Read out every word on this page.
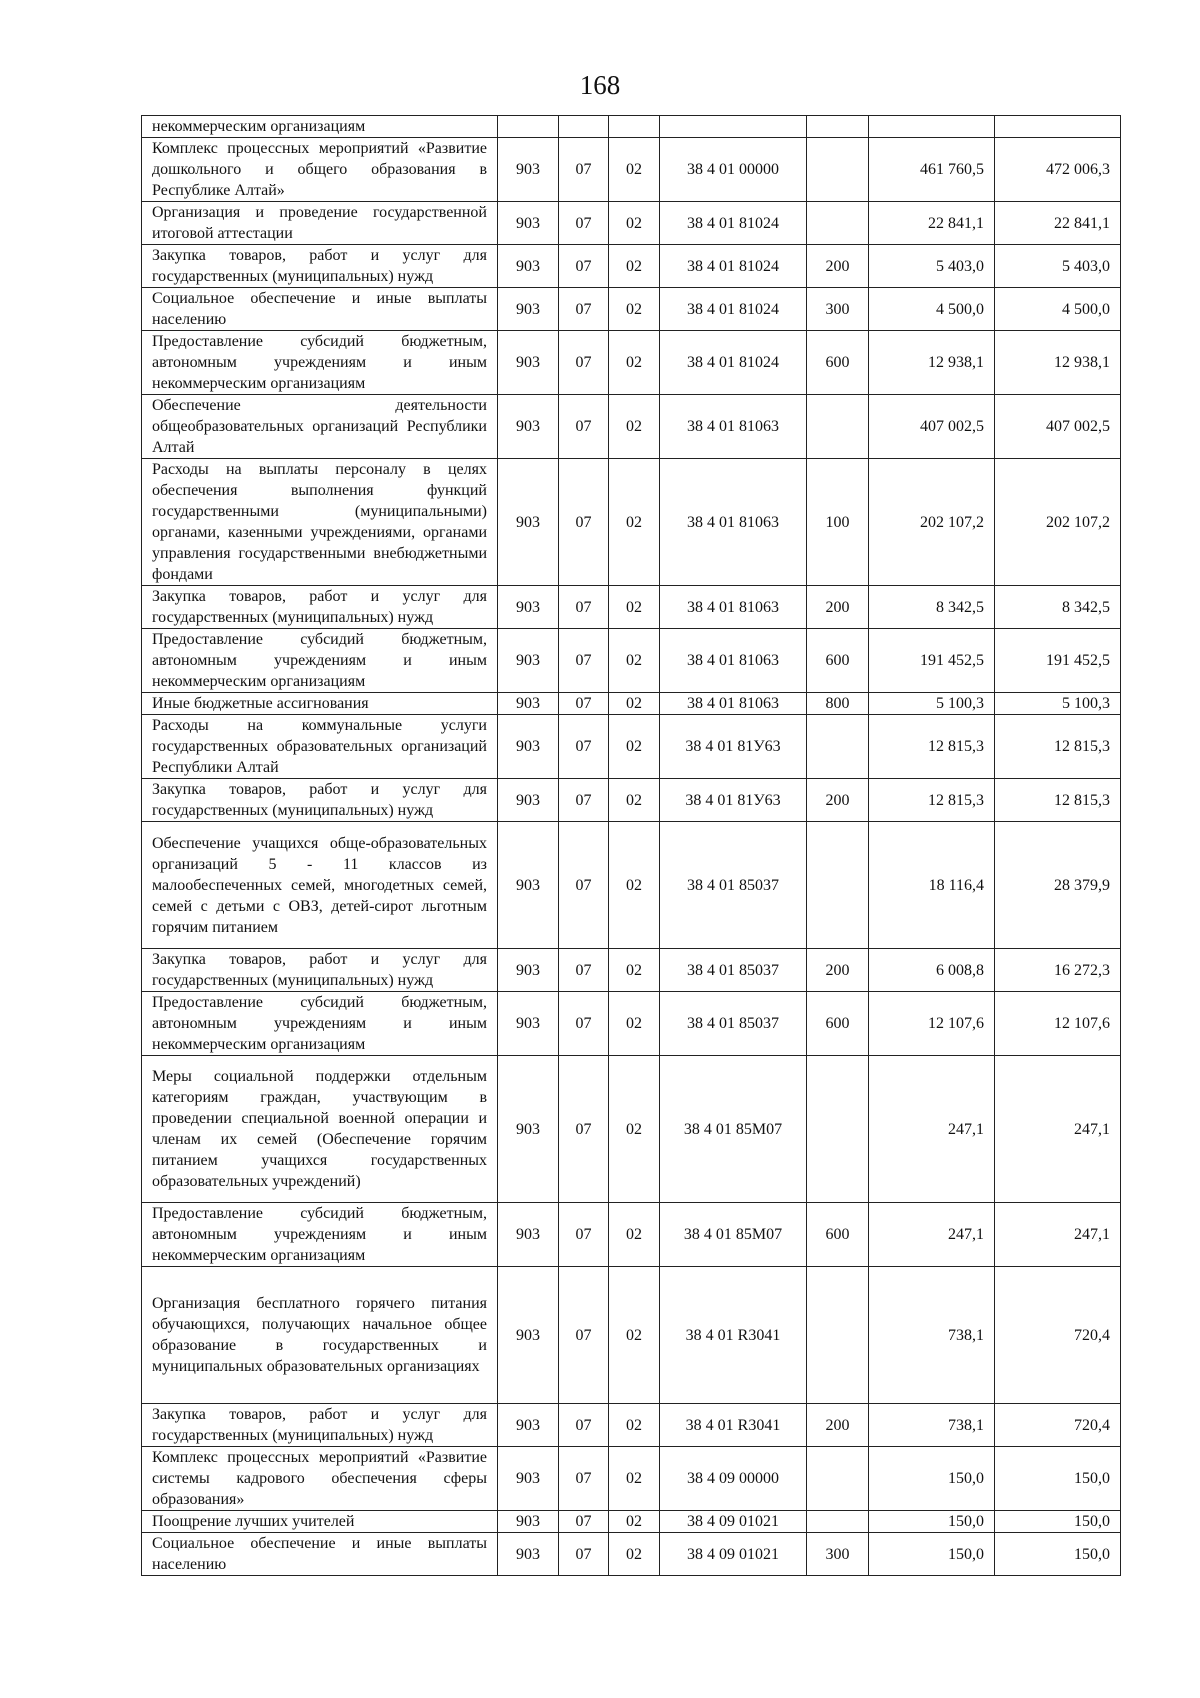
168
некоммерческим организациям							
Комплекс процессных мероприятий «Развитие дошкольного и общего образования в Республике Алтай»	903	07	02	38 4 01 00000		461 760,5	472 006,3
Организация и проведение государственной итоговой аттестации	903	07	02	38 4 01 81024		22 841,1	22 841,1
Закупка товаров, работ и услуг для государственных (муниципальных) нужд	903	07	02	38 4 01 81024	200	5 403,0	5 403,0
Социальное обеспечение и иные выплаты населению	903	07	02	38 4 01 81024	300	4 500,0	4 500,0
Предоставление субсидий бюджетным, автономным учреждениям и иным некоммерческим организациям	903	07	02	38 4 01 81024	600	12 938,1	12 938,1
Обеспечение деятельности общеобразовательных организаций Республики Алтай	903	07	02	38 4 01 81063		407 002,5	407 002,5
Расходы на выплаты персоналу в целях обеспечения выполнения функций государственными (муниципальными) органами, казенными учреждениями, органами управления государственными внебюджетными фондами	903	07	02	38 4 01 81063	100	202 107,2	202 107,2
Закупка товаров, работ и услуг для государственных (муниципальных) нужд	903	07	02	38 4 01 81063	200	8 342,5	8 342,5
Предоставление субсидий бюджетным, автономным учреждениям и иным некоммерческим организациям	903	07	02	38 4 01 81063	600	191 452,5	191 452,5
Иные бюджетные ассигнования	903	07	02	38 4 01 81063	800	5 100,3	5 100,3
Расходы на коммунальные услуги государственных образовательных организаций Республики Алтай	903	07	02	38 4 01 81У63		12 815,3	12 815,3
Закупка товаров, работ и услуг для государственных (муниципальных) нужд	903	07	02	38 4 01 81У63	200	12 815,3	12 815,3
Обеспечение учащихся обще-образовательных организаций 5 - 11 классов из малообеспеченных семей, многодетных семей, семей с детьми с ОВЗ, детей-сирот льготным горячим питанием	903	07	02	38 4 01 85037		18 116,4	28 379,9
Закупка товаров, работ и услуг для государственных (муниципальных) нужд	903	07	02	38 4 01 85037	200	6 008,8	16 272,3
Предоставление субсидий бюджетным, автономным учреждениям и иным некоммерческим организациям	903	07	02	38 4 01 85037	600	12 107,6	12 107,6
Меры социальной поддержки отдельным категориям граждан, участвующим в проведении специальной военной операции и членам их семей (Обеспечение горячим питанием учащихся государственных образовательных учреждений)	903	07	02	38 4 01 85М07		247,1	247,1
Предоставление субсидий бюджетным, автономным учреждениям и иным некоммерческим организациям	903	07	02	38 4 01 85М07	600	247,1	247,1
Организация бесплатного горячего питания обучающихся, получающих начальное общее образование в государственных и муниципальных образовательных организациях	903	07	02	38 4 01 R3041		738,1	720,4
Закупка товаров, работ и услуг для государственных (муниципальных) нужд	903	07	02	38 4 01 R3041	200	738,1	720,4
Комплекс процессных мероприятий «Развитие системы кадрового обеспечения сферы образования»	903	07	02	38 4 09 00000		150,0	150,0
Поощрение лучших учителей	903	07	02	38 4 09 01021		150,0	150,0
Социальное обеспечение и иные выплаты населению	903	07	02	38 4 09 01021	300	150,0	150,0
